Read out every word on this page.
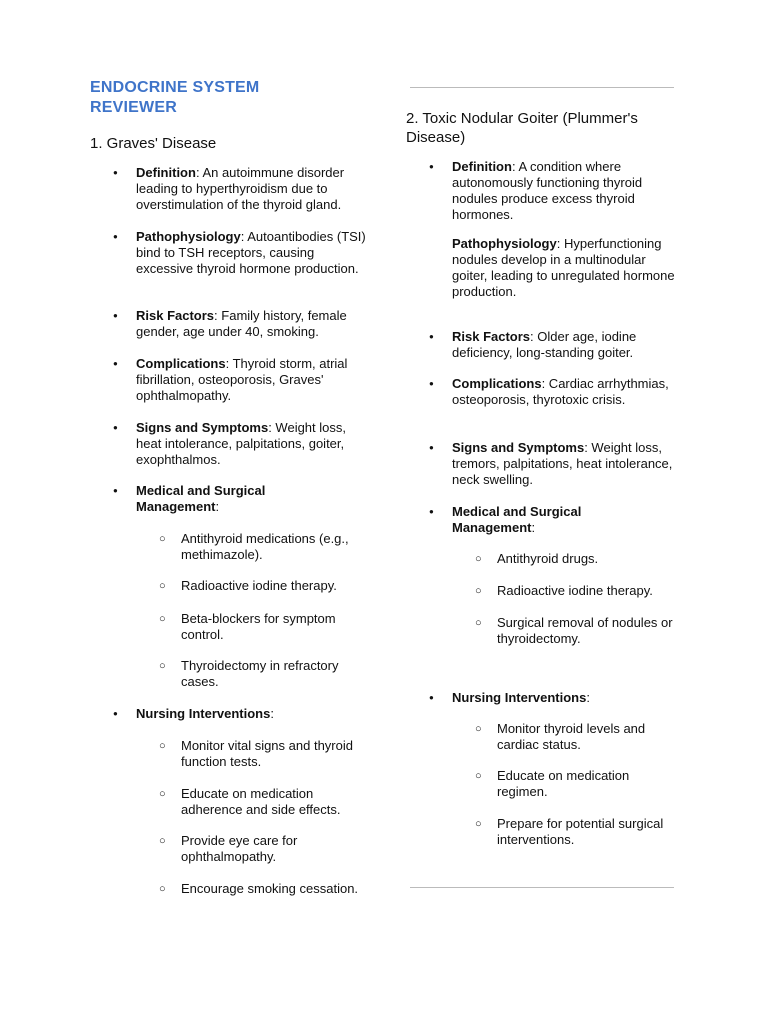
ENDOCRINE SYSTEM REVIEWER
1. Graves' Disease
● Definition: An autoimmune disorder leading to hyperthyroidism due to overstimulation of the thyroid gland.
● Pathophysiology: Autoantibodies (TSI) bind to TSH receptors, causing excessive thyroid hormone production.
● Risk Factors: Family history, female gender, age under 40, smoking.
● Complications: Thyroid storm, atrial fibrillation, osteoporosis, Graves' ophthalmopathy.
● Signs and Symptoms: Weight loss, heat intolerance, palpitations, goiter, exophthalmos.
● Medical and Surgical Management:
○ Antithyroid medications (e.g., methimazole).
○ Radioactive iodine therapy.
○ Beta-blockers for symptom control.
○ Thyroidectomy in refractory cases.
● Nursing Interventions:
○ Monitor vital signs and thyroid function tests.
○ Educate on medication adherence and side effects.
○ Provide eye care for ophthalmopathy.
○ Encourage smoking cessation.
2. Toxic Nodular Goiter (Plummer's Disease)
● Definition: A condition where autonomously functioning thyroid nodules produce excess thyroid hormones.
Pathophysiology: Hyperfunctioning nodules develop in a multinodular goiter, leading to unregulated hormone production.
● Risk Factors: Older age, iodine deficiency, long-standing goiter.
● Complications: Cardiac arrhythmias, osteoporosis, thyrotoxic crisis.
● Signs and Symptoms: Weight loss, tremors, palpitations, heat intolerance, neck swelling.
● Medical and Surgical Management:
○ Antithyroid drugs.
○ Radioactive iodine therapy.
○ Surgical removal of nodules or thyroidectomy.
● Nursing Interventions:
○ Monitor thyroid levels and cardiac status.
○ Educate on medication regimen.
○ Prepare for potential surgical interventions.
